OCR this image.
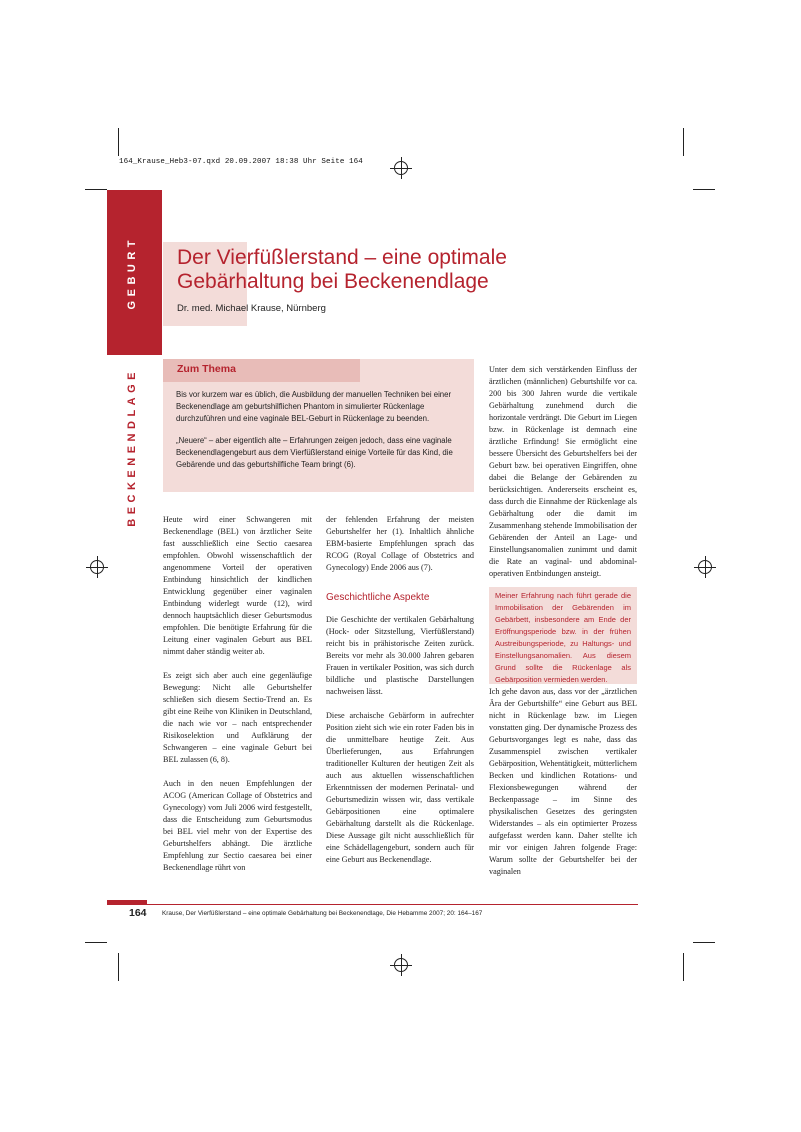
164_Krause_Heb3-07.qxd 20.09.2007 18:38 Uhr Seite 164
GEBURT
BECKENENDLAGE
Der Vierfüßlerstand – eine optimale Gebärhaltung bei Beckenendlage
Dr. med. Michael Krause, Nürnberg
Zum Thema

Bis vor kurzem war es üblich, die Ausbildung der manuellen Techniken bei einer Beckenendlage am geburtshilflichen Phantom in simulierter Rückenlage durchzuführen und eine vaginale BEL-Geburt in Rückenlage zu beenden.

„Neuere“ – aber eigentlich alte – Erfahrungen zeigen jedoch, dass eine vaginale Beckenendlagengeburt aus dem Vierfüßlerstand einige Vorteile für das Kind, die Gebärende und das geburtshilfliche Team bringt (6).

Heute wird einer Schwangeren mit Beckenendlage (BEL) von ärztlicher Seite fast ausschließlich eine Sectio caesarea empfohlen. Obwohl wissenschaftlich der angenommene Vorteil der operativen Entbindung hinsichtlich der kindlichen Entwicklung gegenüber einer vaginalen Entbindung widerlegt wurde (12), wird dennoch hauptsächlich dieser Geburtsmodus empfohlen. Die benötigte Erfahrung für die Leitung einer vaginalen Geburt aus BEL nimmt daher ständig weiter ab.

Es zeigt sich aber auch eine gegenläufige Bewegung: Nicht alle Geburtshelfer schließen sich diesem Sectio-Trend an. Es gibt eine Reihe von Kliniken in Deutschland, die nach wie vor – nach entsprechender Risikoselektion und Aufklärung der Schwangeren – eine vaginale Geburt bei BEL zulassen (6, 8).

Auch in den neuen Empfehlungen der ACOG (American Collage of Obstetrics and Gynecology) vom Juli 2006 wird festgestellt, dass die Entscheidung zum Geburtsmodus bei BEL viel mehr von der Expertise des Geburtshelfers abhängt. Die ärztliche Empfehlung zur Sectio caesarea bei einer Beckenendlage rührt von

der fehlenden Erfahrung der meisten Geburtshelfer her (1). Inhaltlich ähnliche EBM-basierte Empfehlungen sprach das RCOG (Royal Collage of Obstetrics and Gynecology) Ende 2006 aus (7).

Geschichtliche Aspekte

Die Geschichte der vertikalen Gebärhaltung (Hock- oder Sitzstellung, Vierfüßlerstand) reicht bis in prähistorische Zeiten zurück. Bereits vor mehr als 30.000 Jahren gebaren Frauen in vertikaler Position, was sich durch bildliche und plastische Darstellungen nachweisen lässt.

Diese archaische Gebärform in aufrechter Position zieht sich wie ein roter Faden bis in die unmittelbare heutige Zeit. Aus Überlieferungen, aus Erfahrungen traditioneller Kulturen der heutigen Zeit als auch aus aktuellen wissenschaftlichen Erkenntnissen der modernen Perinatal- und Geburtsmedizin wissen wir, dass vertikale Gebärpositionen eine optimalere Gebärhaltung darstellt als die Rückenlage. Diese Aussage gilt nicht ausschließlich für eine Schädellagengeburt, sondern auch für eine Geburt aus Beckenendlage.

Unter dem sich verstärkenden Einfluss der ärztlichen (männlichen) Geburtshilfe vor ca. 200 bis 300 Jahren wurde die vertikale Gebärhaltung zunehmend durch die horizontale verdrängt. Die Geburt im Liegen bzw. in Rückenlage ist demnach eine ärztliche Erfindung! Sie ermöglicht eine bessere Übersicht des Geburtshelfers bei der Geburt bzw. bei operativen Eingriffen, ohne dabei die Belange der Gebärenden zu berücksichtigen. Andererseits erscheint es, dass durch die Einnahme der Rückenlage als Gebärhaltung oder die damit im Zusammenhang stehende Immobilisation der Gebärenden der Anteil an Lage- und Einstellungsanomalien zunimmt und damit die Rate an vaginal- und abdominal-operativen Entbindungen ansteigt.

Meiner Erfahrung nach führt gerade die Immobilisation der Gebärenden im Gebärbett, insbesondere am Ende der Eröffnungsperiode bzw. in der frühen Austreibungsperiode, zu Haltungs- und Einstellungsanomalien. Aus diesem Grund sollte die Rückenlage als Gebärposition vermieden werden.

Ich gehe davon aus, dass vor der „ärztlichen Ära der Geburtshilfe“ eine Geburt aus BEL nicht in Rückenlage bzw. im Liegen vonstatten ging. Der dynamische Prozess des Geburtsvorganges legt es nahe, dass das Zusammenspiel zwischen vertikaler Gebärposition, Wehentätigkeit, mütterlichem Becken und kindlichen Rotations- und Flexionsbewegungen während der Beckenpassage – im Sinne des physikalischen Gesetzes des geringsten Widerstandes – als ein optimierter Prozess aufgefasst werden kann. Daher stellte ich mir vor einigen Jahren folgende Frage: Warum sollte der Geburtshelfer bei der vaginalen

164 Krause, Der Vierfüßlerstand – eine optimale Gebärhaltung bei Beckenendlage, Die Hebamme 2007; 20: 164–167
